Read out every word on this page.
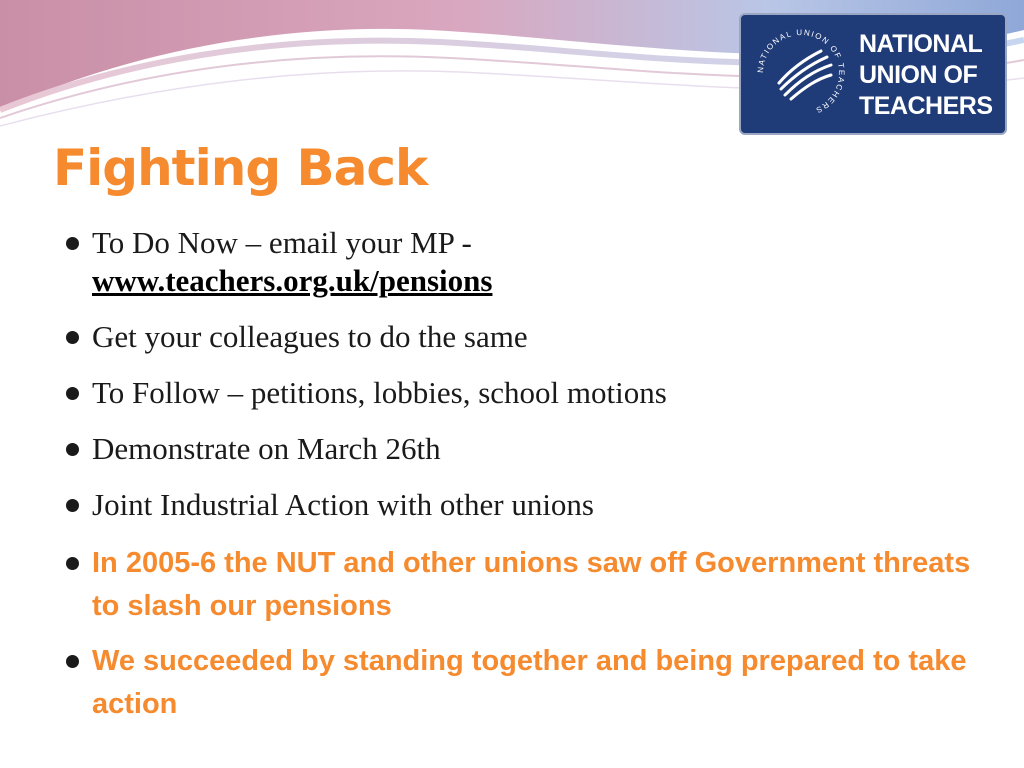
NATIONAL UNION OF TEACHERS
NATIONAL
UNION OF
TEACHERS
Fighting Back
To Do Now – email your MP -
www.teachers.org.uk/pensions
Get your colleagues to do the same
To Follow – petitions, lobbies, school motions
Demonstrate on March 26th
Joint Industrial Action with other unions
In 2005-6 the NUT and other unions saw off Government threats to slash our pensions
We succeeded by standing together and being prepared to take action
